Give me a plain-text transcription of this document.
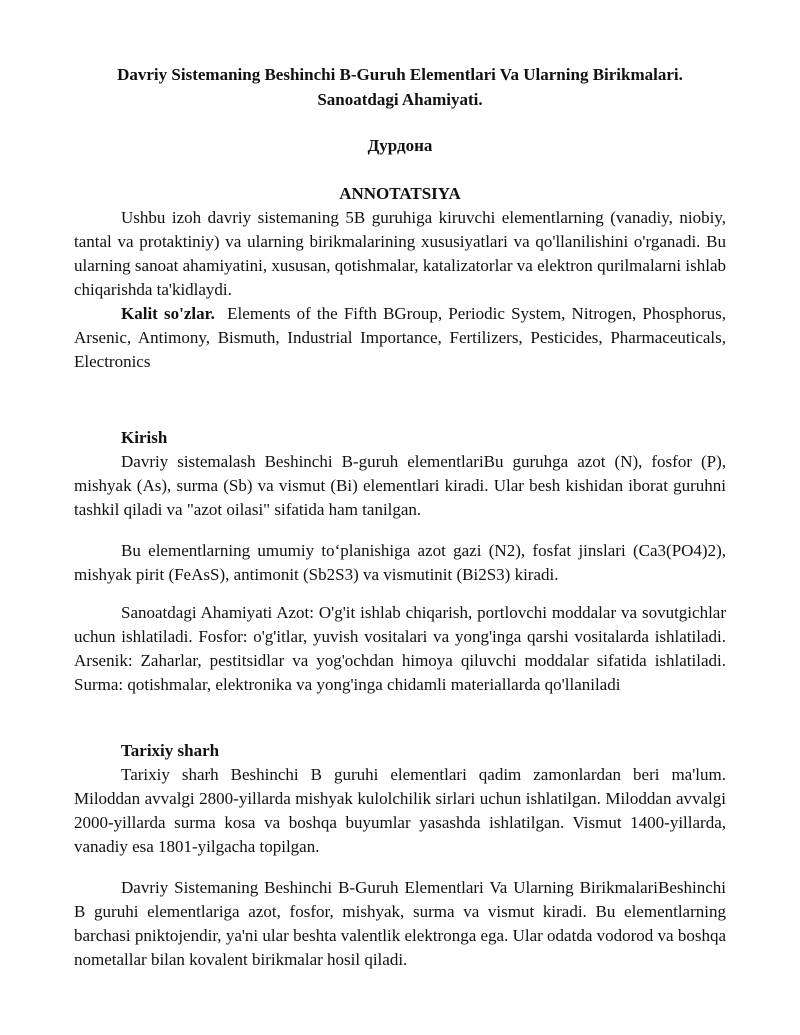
Davriy Sistemaning Beshinchi B-Guruh Elementlari Va Ularning Birikmalari.
Sanoatdagi Ahamiyati.
Дурдона
ANNOTATSIYA

Ushbu izoh davriy sistemaning 5B guruhiga kiruvchi elementlarning (vanadiy, niobiy, tantal va protaktiniy) va ularning birikmalarining xususiyatlari va qo'llanilishini o'rganadi. Bu ularning sanoat ahamiyatini, xususan, qotishmalar, katalizatorlar va elektron qurilmalarni ishlab chiqarishda ta'kidlaydi.

Kalit so'zlar. Elements of the Fifth BGroup, Periodic System, Nitrogen, Phosphorus, Arsenic, Antimony, Bismuth, Industrial Importance, Fertilizers, Pesticides, Pharmaceuticals, Electronics

Kirish

Davriy sistemalash Beshinchi B-guruh elementlariBu guruhga azot (N), fosfor (P), mishyak (As), surma (Sb) va vismut (Bi) elementlari kiradi. Ular besh kishidan iborat guruhni tashkil qiladi va "azot oilasi" sifatida ham tanilgan.

Bu elementlarning umumiy to‘planishiga azot gazi (N2), fosfat jinslari (Ca3(PO4)2), mishyak pirit (FeAsS), antimonit (Sb2S3) va vismutinit (Bi2S3) kiradi.

Sanoatdagi Ahamiyati Azot: O'g'it ishlab chiqarish, portlovchi moddalar va sovutgichlar uchun ishlatiladi. Fosfor: o'g'itlar, yuvish vositalari va yong'inga qarshi vositalarda ishlatiladi. Arsenik: Zaharlar, pestitsidlar va yog'ochdan himoya qiluvchi moddalar sifatida ishlatiladi. Surma: qotishmalar, elektronika va yong'inga chidamli materiallarda qo'llaniladi

Tarixiy sharh

Tarixiy sharh Beshinchi B guruhi elementlari qadim zamonlardan beri ma'lum. Miloddan avvalgi 2800-yillarda mishyak kulolchilik sirlari uchun ishlatilgan. Miloddan avvalgi 2000-yillarda surma kosa va boshqa buyumlar yasashda ishlatilgan. Vismut 1400-yillarda, vanadiy esa 1801-yilgacha topilgan.

Davriy Sistemaning Beshinchi B-Guruh Elementlari Va Ularning BirikmalariBeshinchi B guruhi elementlariga azot, fosfor, mishyak, surma va vismut kiradi. Bu elementlarning barchasi pniktojendir, ya'ni ular beshta valentlik elektronga ega. Ular odatda vodorod va boshqa nometallar bilan kovalent birikmalar hosil qiladi.
